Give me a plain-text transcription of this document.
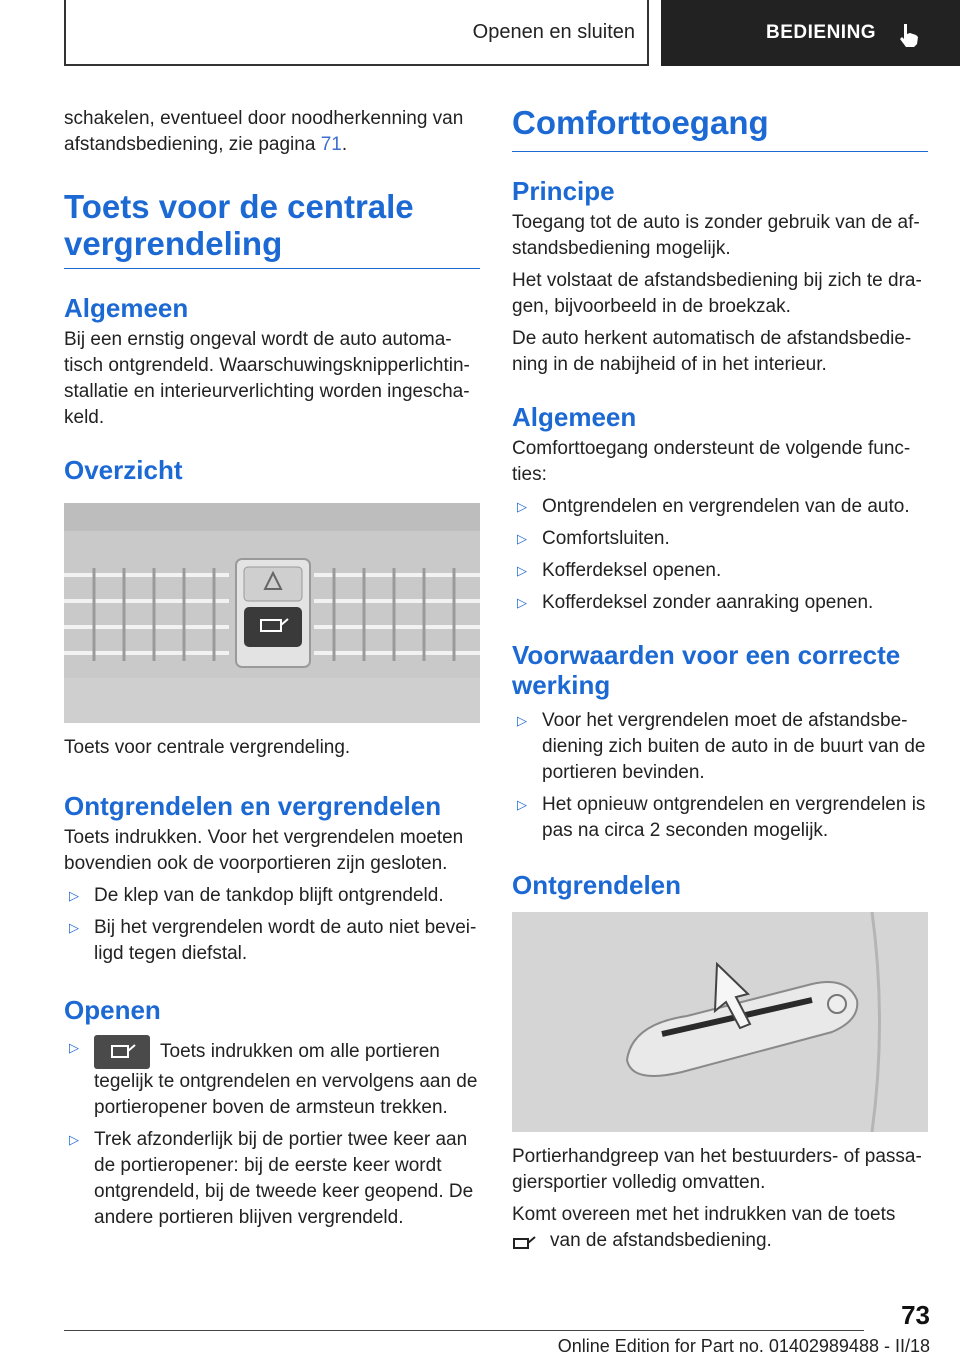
Openen en sluiten	BEDIENING

schakelen, eventueel door noodherkenning van afstandsbediening, zie pagina 71.

Toets voor de centrale vergrendeling
Algemeen

Bij een ernstig ongeval wordt de auto automa-tisch ontgrendeld. Waarschuwingsknipperlichtin-stallatie en interieurverlichting worden ingescha-keld.

Overzicht

Toets voor centrale vergrendeling.

Ontgrendelen en vergrendelen

Toets indrukken. Voor het vergrendelen moeten bovendien ook de voorportieren zijn gesloten.

▷ De klep van de tankdop blijft ontgrendeld.
▷ Bij het vergrendelen wordt de auto niet bevei-ligd tegen diefstal.
Openen
▷	Toets indrukken om alle portieren tegelijk te ontgrendelen en vervolgens aan de portieropener boven de armsteun trekken.
▷ Trek afzonderlijk bij de portier twee keer aan de portieropener: bij de eerste keer wordt ontgrendeld, bij de tweede keer geopend. De andere portieren blijven vergrendeld.
Comforttoegang
Principe

Toegang tot de auto is zonder gebruik van de af-standsbediening mogelijk.

Het volstaat de afstandsbediening bij zich te dra-gen, bijvoorbeeld in de broekzak.

De auto herkent automatisch de afstandsbedie-ning in de nabijheid of in het interieur.

Algemeen

Comforttoegang ondersteunt de volgende func-ties:

▷ Ontgrendelen en vergrendelen van de auto.
▷ Comfortsluiten.
▷ Kofferdeksel openen.
▷ Kofferdeksel zonder aanraking openen.
Voorwaarden voor een correcte werking
▷ Voor het vergrendelen moet de afstandsbe-diening zich buiten de auto in de buurt van de portieren bevinden.
▷ Het opnieuw ontgrendelen en vergrendelen is pas na circa 2 seconden mogelijk.
Ontgrendelen

Portierhandgreep van het bestuurders- of passa-giersportier volledig omvatten.

Komt overeen met het indrukken van de toets
van de afstandsbediening.

73
Online Edition for Part no. 01402989488 - II/18
